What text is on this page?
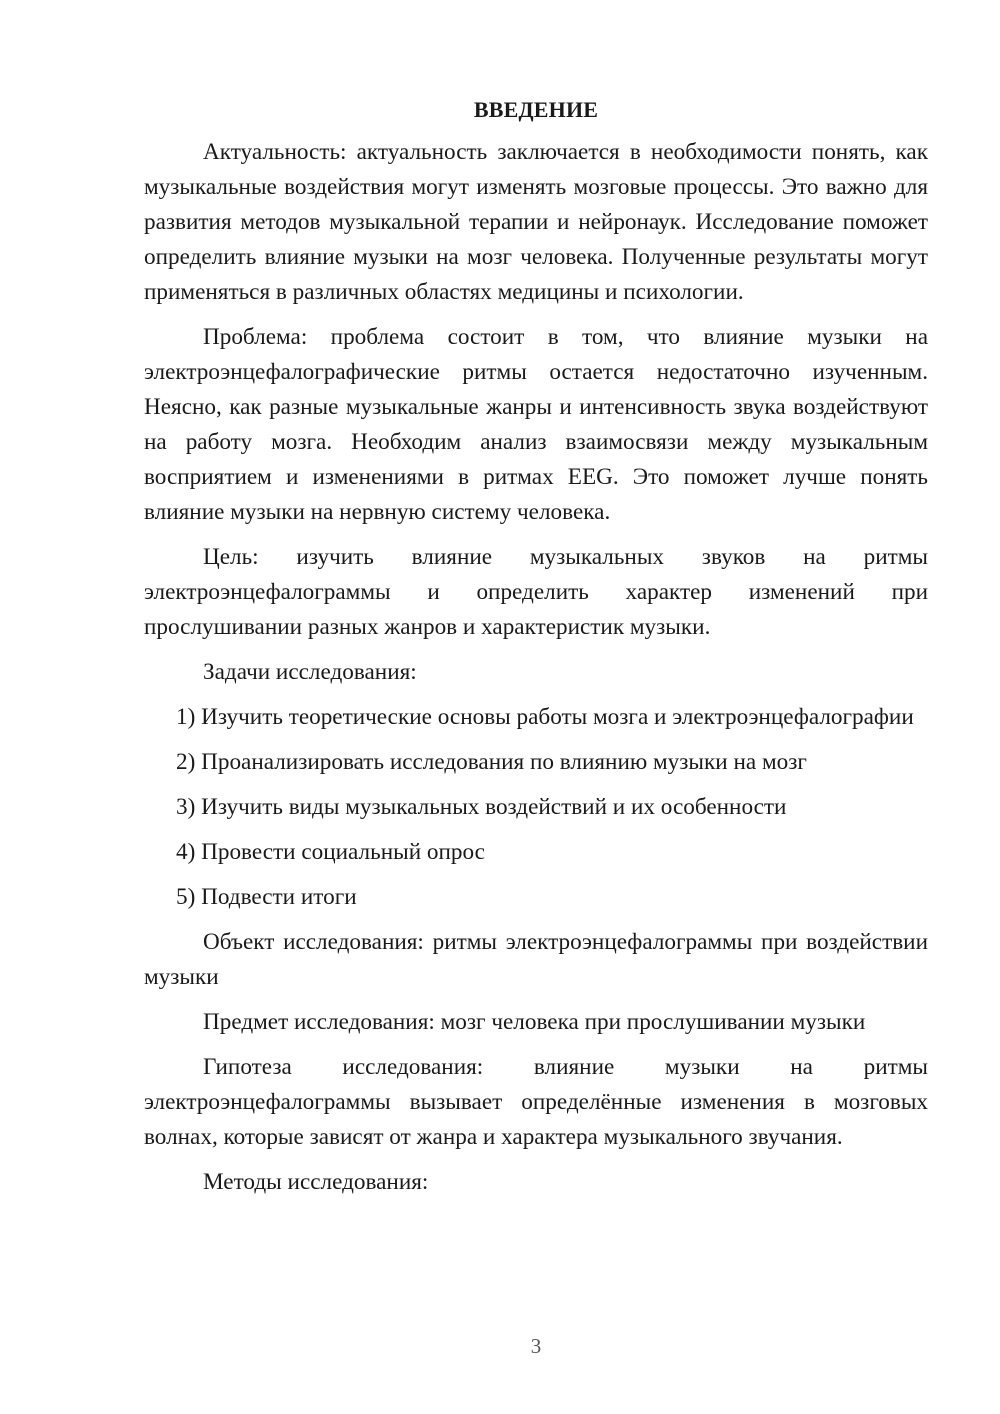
ВВЕДЕНИЕ

Актуальность: актуальность заключается в необходимости понять, как музыкальные воздействия могут изменять мозговые процессы. Это важно для развития методов музыкальной терапии и нейронаук. Исследование поможет определить влияние музыки на мозг человека. Полученные результаты могут применяться в различных областях медицины и психологии.

Проблема: проблема состоит в том, что влияние музыки на электроэнцефалографические ритмы остается недостаточно изученным. Неясно, как разные музыкальные жанры и интенсивность звука воздействуют на работу мозга. Необходим анализ взаимосвязи между музыкальным восприятием и изменениями в ритмах EEG. Это поможет лучше понять влияние музыки на нервную систему человека.

Цель: изучить влияние музыкальных звуков на ритмы электроэнцефалограммы и определить характер изменений при прослушивании разных жанров и характеристик музыки.

Задачи исследования:

1) Изучить теоретические основы работы мозга и электроэнцефалографии

2) Проанализировать исследования по влиянию музыки на мозг

3) Изучить виды музыкальных воздействий и их особенности

4) Провести социальный опрос

5) Подвести итоги

Объект исследования: ритмы электроэнцефалограммы при воздействии музыки

Предмет исследования: мозг человека при прослушивании музыки

Гипотеза исследования: влияние музыки на ритмы электроэнцефалограммы вызывает определённые изменения в мозговых волнах, которые зависят от жанра и характера музыкального звучания.

Методы исследования:

3
